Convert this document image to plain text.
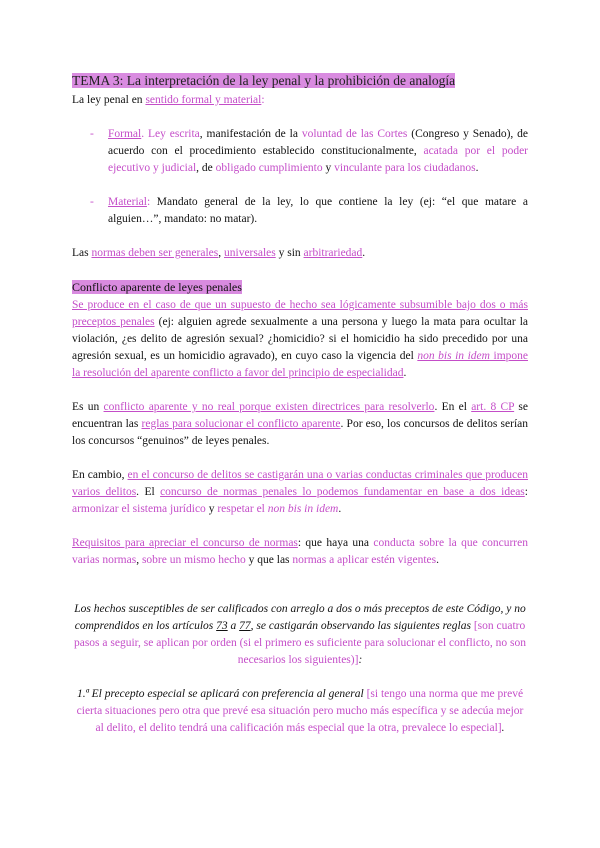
TEMA 3: La interpretación de la ley penal y la prohibición de analogía

La ley penal en sentido formal y material:

-	Formal. Ley escrita, manifestación de la voluntad de las Cortes (Congreso y Senado), de acuerdo con el procedimiento establecido constitucionalmente, acatada por el poder ejecutivo y judicial, de obligado cumplimiento y vinculante para los ciudadanos.
-	Material: Mandato general de la ley, lo que contiene la ley (ej: “el que matare a alguien…”, mandato: no matar).

Las normas deben ser generales, universales y sin arbitrariedad.

Conflicto aparente de leyes penales

Se produce en el caso de que un supuesto de hecho sea lógicamente subsumible bajo dos o más preceptos penales (ej: alguien agrede sexualmente a una persona y luego la mata para ocultar la violación, ¿es delito de agresión sexual? ¿homicidio? si el homicidio ha sido precedido por una agresión sexual, es un homicidio agravado), en cuyo caso la vigencia del non bis in idem impone la resolución del aparente conflicto a favor del principio de especialidad.

Es un conflicto aparente y no real porque existen directrices para resolverlo. En el art. 8 CP se encuentran las reglas para solucionar el conflicto aparente. Por eso, los concursos de delitos serían los concursos “genuinos” de leyes penales.

En cambio, en el concurso de delitos se castigarán una o varias conductas criminales que producen varios delitos. El concurso de normas penales lo podemos fundamentar en base a dos ideas: armonizar el sistema jurídico y respetar el non bis in idem.

Requisitos para apreciar el concurso de normas: que haya una conducta sobre la que concurren varias normas, sobre un mismo hecho y que las normas a aplicar estén vigentes.

Los hechos susceptibles de ser calificados con arreglo a dos o más preceptos de este Código, y no comprendidos en los artículos 73 a 77, se castigarán observando las siguientes reglas [son cuatro pasos a seguir, se aplican por orden (si el primero es suficiente para solucionar el conflicto, no son necesarios los siguientes)]:

1.ª El precepto especial se aplicará con preferencia al general [si tengo una norma que me prevé cierta situaciones pero otra que prevé esa situación pero mucho más específica y se adecúa mejor al delito, el delito tendrá una calificación más especial que la otra, prevalece lo especial].
